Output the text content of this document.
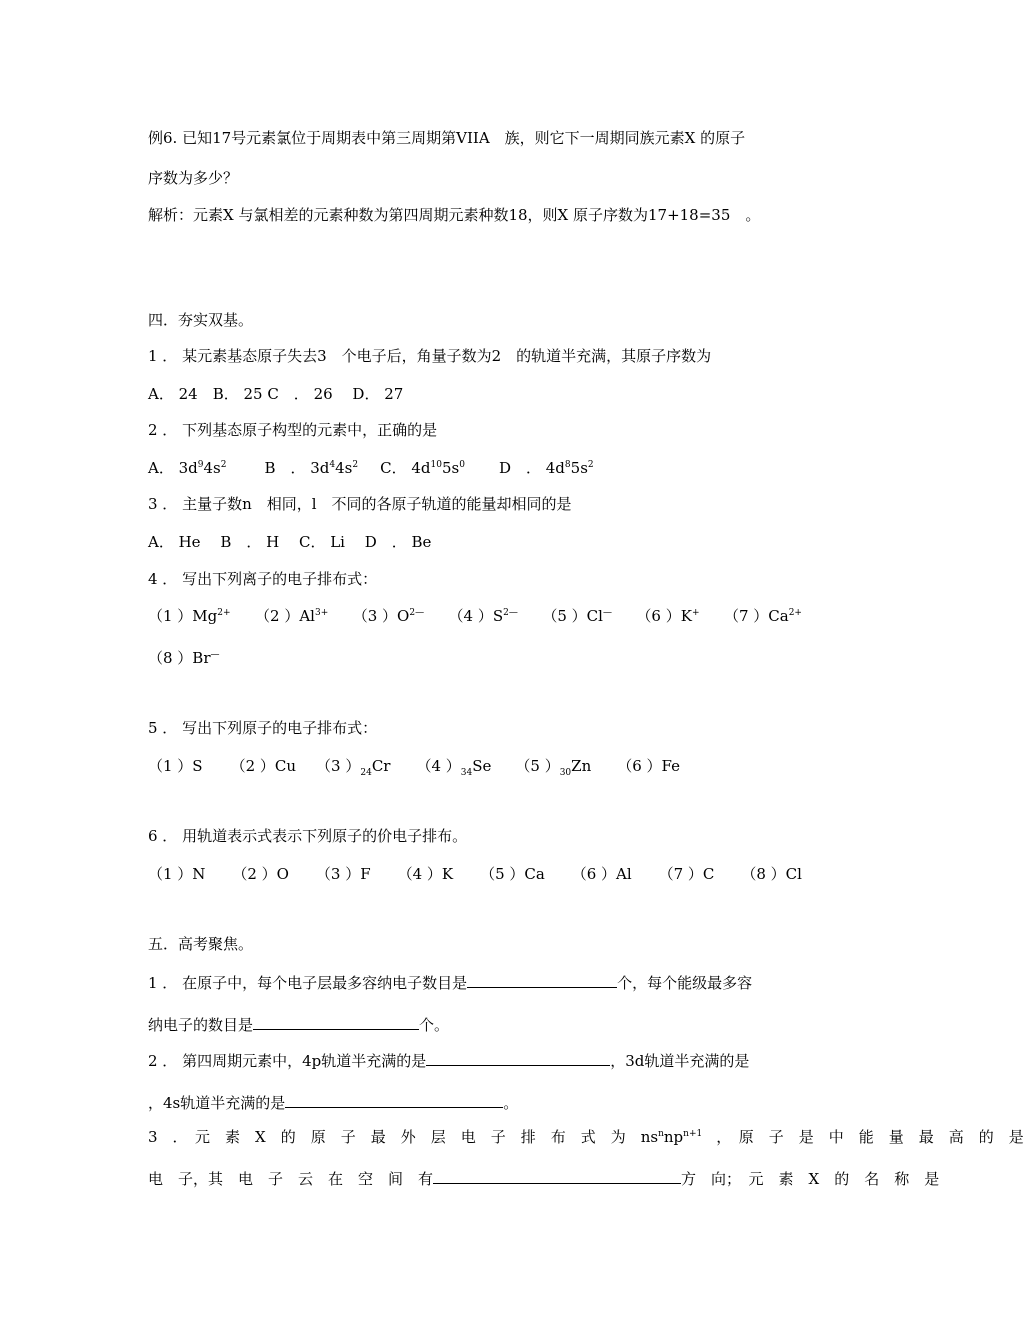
例6. 已知17号元素氯位于周期表中第三周期第VIIA　族，则它下一周期同族元素X 的原子
序数为多少？
解析：元素X 与氯相差的元素种数为第四周期元素种数18，则X 原子序数为17+18=35　。
四．夯实双基。
1 ． 某元素基态原子失去3　个电子后，角量子数为2　的轨道半充满，其原子序数为
A． 24　B． 25 C　． 26　 D． 27
2 ． 下列基态原子构型的元素中，正确的是
A． $3d^94s^2$	B　． $3d^44s^2$ C． $4d^{10}5s^0$ D　． $4d^85s^2$
3 ． 主量子数n　相同，l　不同的各原子轨道的能量却相同的是
A． He　 B　． H　 C． Li　 D　． Be
4 ． 写出下列离子的电子排布式：
（1 ）$Mg^{2+}$ （2 ）$Al^{3+}$ （3 ）$O^{2—}$ （4 ）$S^{2—}$ （5 ）Cl— （6 ）K+ （7 ）$Ca^{2+}$
（8 ）Br—
5 ． 写出下列原子的电子排布式：
（1 ）S （2 ）Cu （3 ）$_{24}Cr$ （4 ）$_{34}Se$ （5 ）$_{30}Zn$ （6 ）Fe
6 ． 用轨道表示式表示下列原子的价电子排布。
（1 ）N （2 ）O （3 ）F （4 ）K （5 ）Ca （6 ）Al （7 ）C （8 ）Cl
五．高考聚焦。
1 ． 在原子中，每个电子层最多容纳电子数目是	个，每个能级最多容
纳电子的数目是	个。
2 ． 第四周期元素中，4p轨道半充满的是	，3d轨道半充满的是
，4s轨道半充满的是	。
3　．　元　素　X　的　原　子　最　外　层　电　子　排　布　式　为　$ns^nnp^{n+1}$ ，　原　子　是　中　能　量　最　高　的　是
电　子，其　电　子　云　在　空　间　有	方　向；　元　素　X　的　名　称　是
